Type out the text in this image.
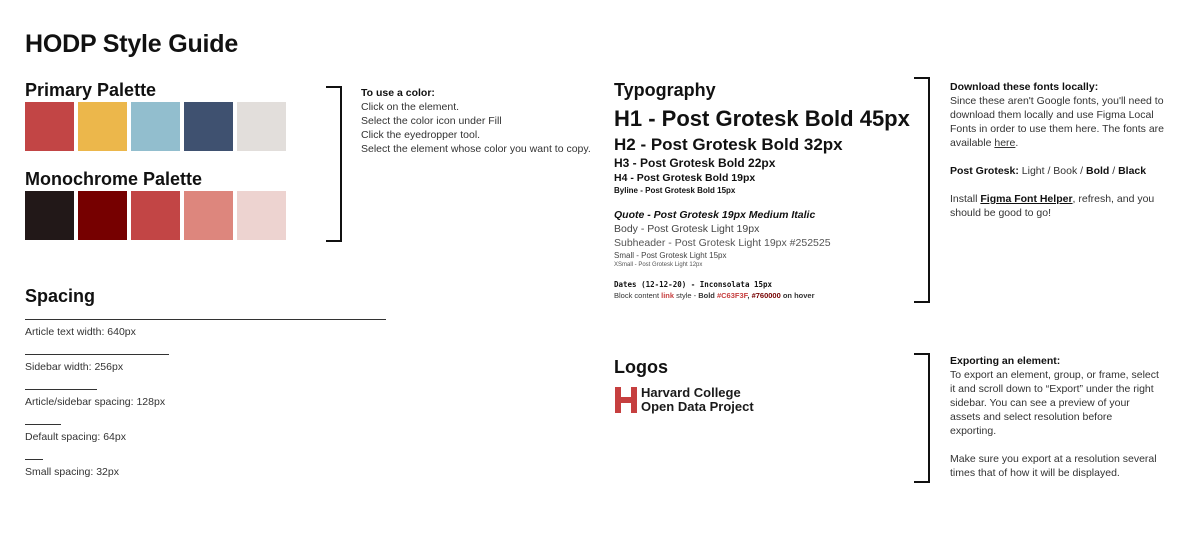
HODP Style Guide
Primary Palette
Monochrome Palette
To use a color:
Click on the element.
Select the color icon under Fill
Click the eyedropper tool.
Select the element whose color you want to copy.
Spacing
Article text width: 640px
Sidebar width: 256px
Article/sidebar spacing: 128px
Default spacing: 64px
Small spacing: 32px
Typography
H1 - Post Grotesk Bold 45px
H2 - Post Grotesk Bold 32px
H3 - Post Grotesk Bold 22px
H4 - Post Grotesk Bold 19px
Byline - Post Grotesk Bold 15px
Quote - Post Grotesk 19px Medium Italic
Body - Post Grotesk Light 19px
Subheader - Post Grotesk Light 19px #252525
Small - Post Grotesk Light 15px
XSmall - Post Grotesk Light 12px
Dates (12-12-20) - Inconsolata 15px
Block content link style - Bold #C63F3F, #760000 on hover
Download these fonts locally:
Since these aren't Google fonts, you'll need to download them locally and use Figma Local Fonts in order to use them here. The fonts are available here.

Post Grotesk: Light / Book / Bold / Black

Install Figma Font Helper, refresh, and you should be good to go!
Logos
Harvard College
Open Data Project
Exporting an element:
To export an element, group, or frame, select it and scroll down to “Export” under the right sidebar. You can see a preview of your assets and select resolution before exporting.

Make sure you export at a resolution several times that of how it will be displayed.
